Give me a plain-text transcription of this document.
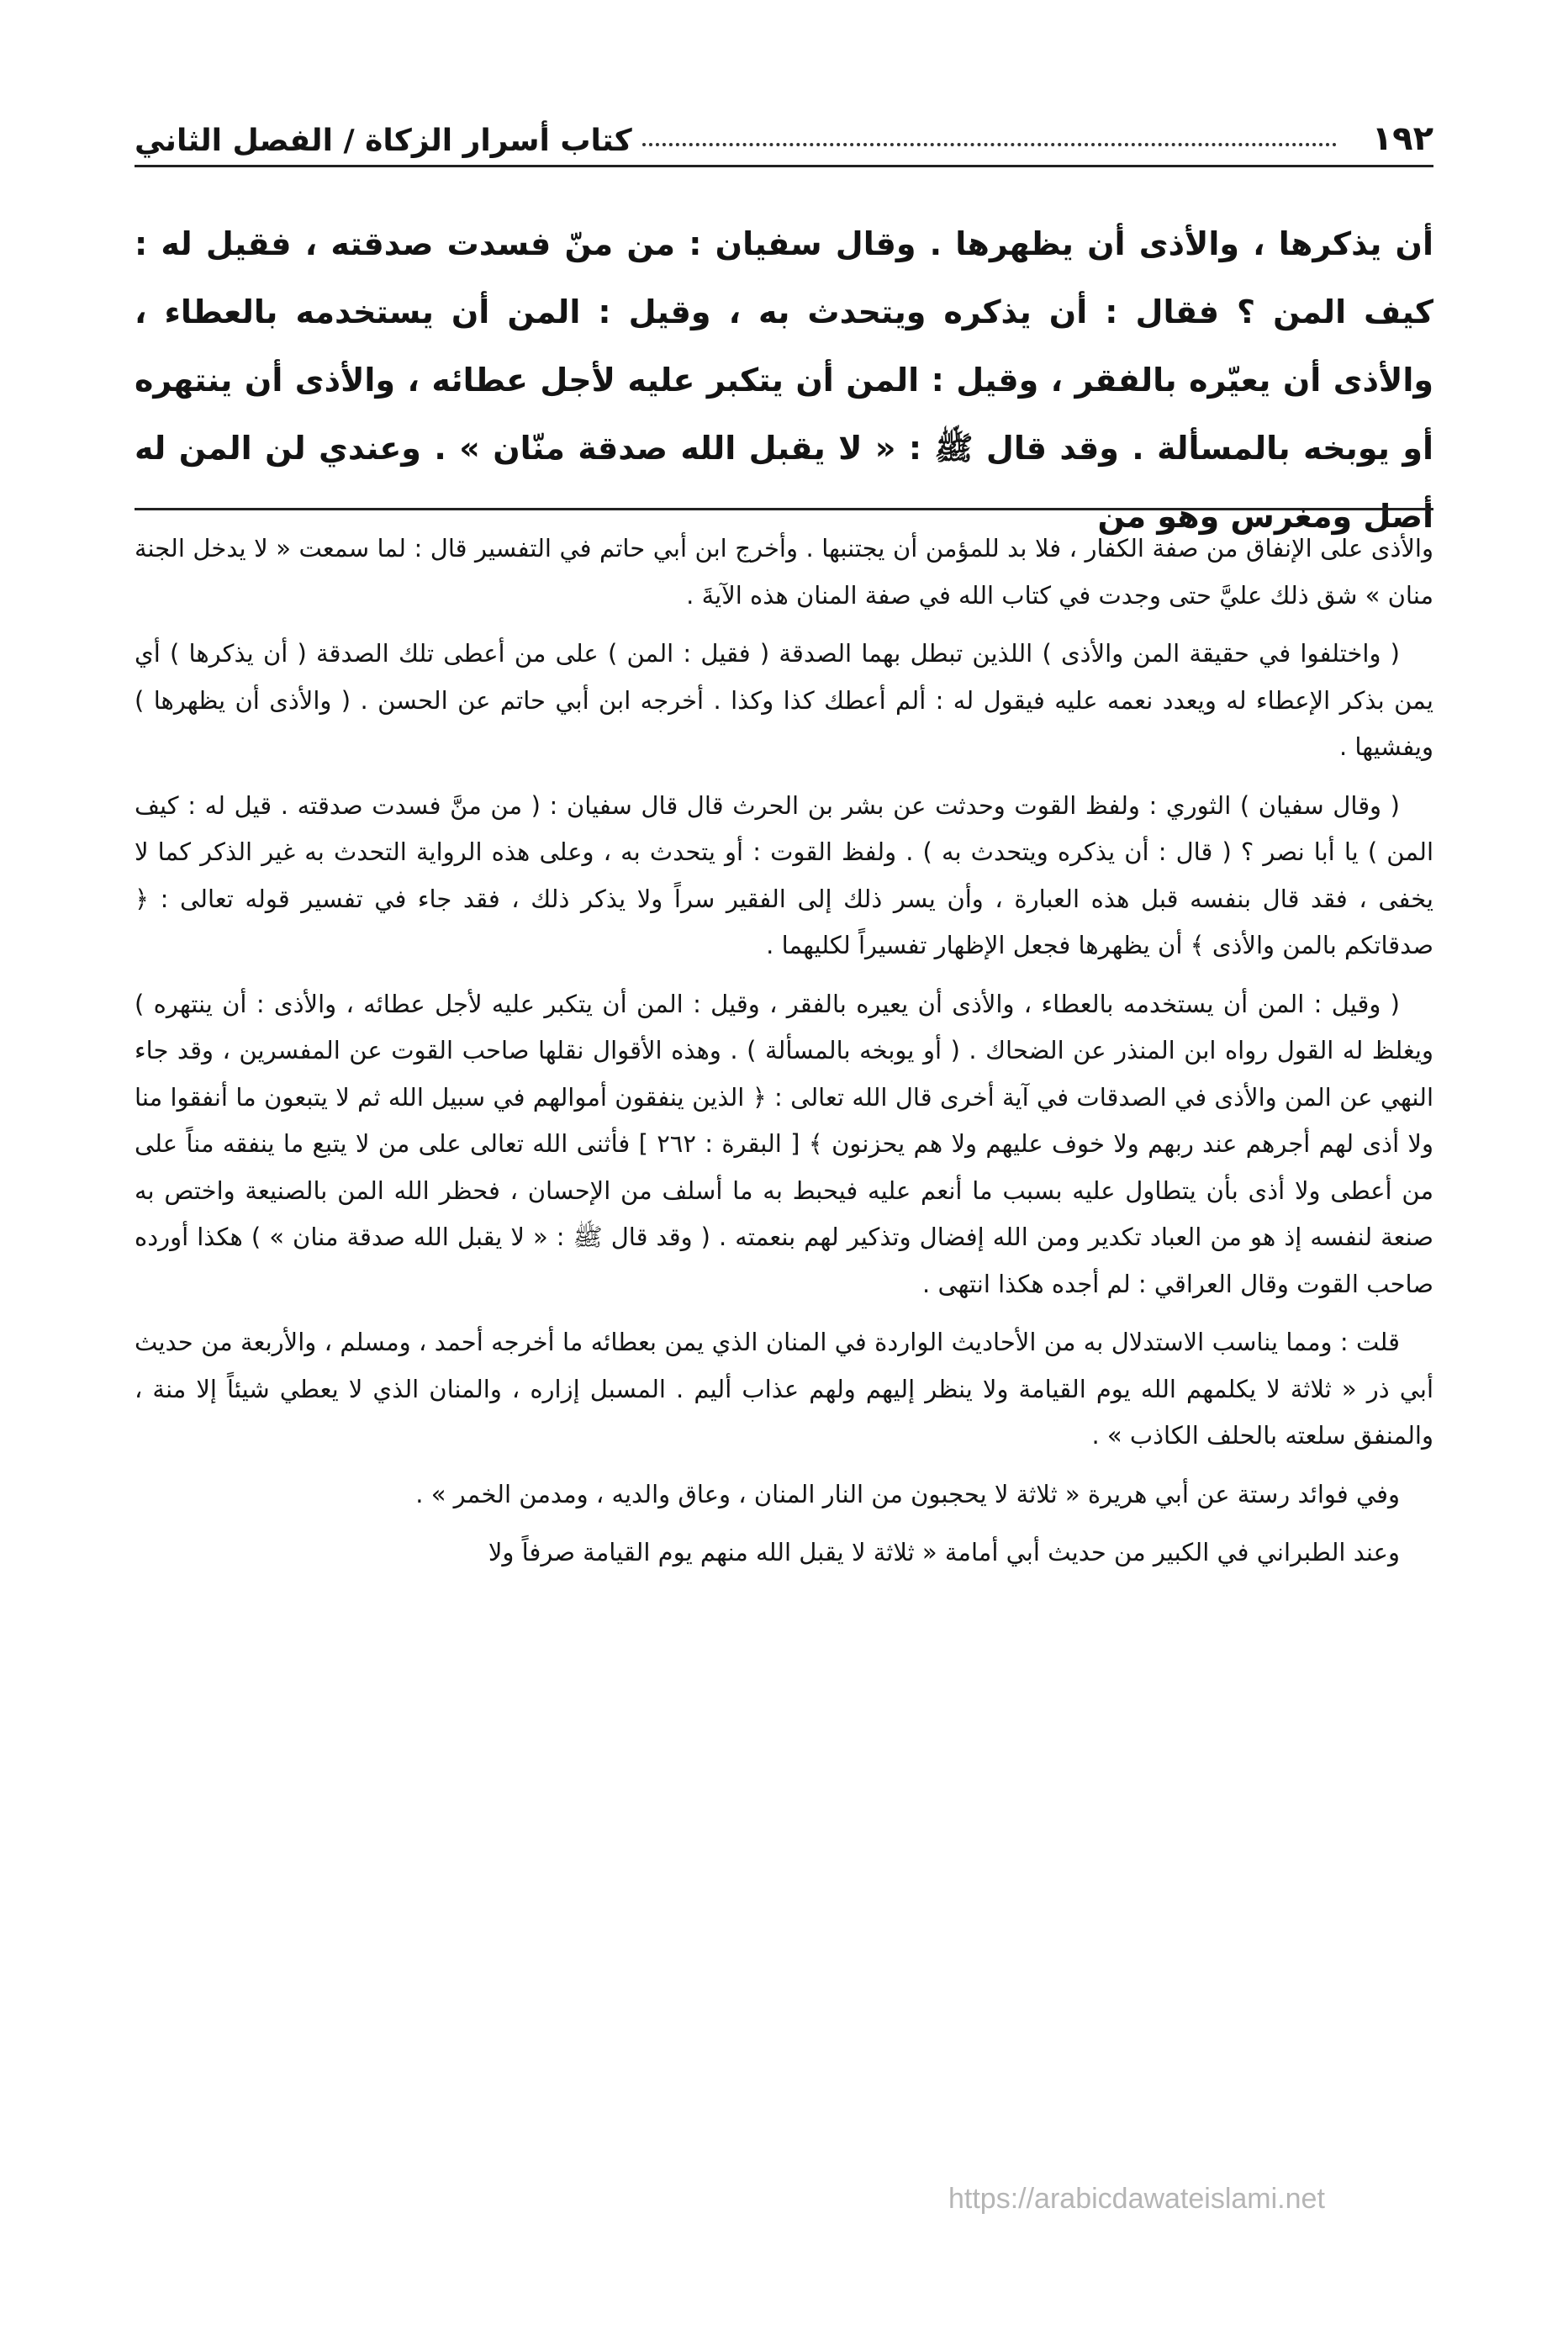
١٩٢
كتاب أسرار الزكاة / الفصل الثاني
أن يذكرها ، والأذى أن يظهرها . وقال سفيان : من منّ فسدت صدقته ، فقيل له : كيف المن ؟ فقال : أن يذكره ويتحدث به ، وقيل : المن أن يستخدمه بالعطاء ، والأذى أن يعيّره بالفقر ، وقيل : المن أن يتكبر عليه لأجل عطائه ، والأذى أن ينتهره أو يوبخه بالمسألة . وقد قال ﷺ : « لا يقبل الله صدقة منّان » . وعندي لن المن له أصل ومغرس وهو من

والأذى على الإنفاق من صفة الكفار ، فلا بد للمؤمن أن يجتنبها . وأخرج ابن أبي حاتم في التفسير قال : لما سمعت « لا يدخل الجنة منان » شق ذلك عليَّ حتى وجدت في كتاب الله في صفة المنان هذه الآيةَ .

( واختلفوا في حقيقة المن والأذى ) اللذين تبطل بهما الصدقة ( فقيل : المن ) على من أعطى تلك الصدقة ( أن يذكرها ) أي يمن بذكر الإعطاء له ويعدد نعمه عليه فيقول له : ألم أعطك كذا وكذا . أخرجه ابن أبي حاتم عن الحسن . ( والأذى أن يظهرها ) ويفشيها .

( وقال سفيان ) الثوري : ولفظ القوت وحدثت عن بشر بن الحرث قال قال سفيان : ( من منَّ فسدت صدقته . قيل له : كيف المن ) يا أبا نصر ؟ ( قال : أن يذكره ويتحدث به ) . ولفظ القوت : أو يتحدث به ، وعلى هذه الرواية التحدث به غير الذكر كما لا يخفى ، فقد قال بنفسه قبل هذه العبارة ، وأن يسر ذلك إلى الفقير سراً ولا يذكر ذلك ، فقد جاء في تفسير قوله تعالى : ﴿ صدقاتكم بالمن والأذى ﴾ أن يظهرها فجعل الإظهار تفسيراً لكليهما .

( وقيل : المن أن يستخدمه بالعطاء ، والأذى أن يعيره بالفقر ، وقيل : المن أن يتكبر عليه لأجل عطائه ، والأذى : أن ينتهره ) ويغلظ له القول رواه ابن المنذر عن الضحاك . ( أو يوبخه بالمسألة ) . وهذه الأقوال نقلها صاحب القوت عن المفسرين ، وقد جاء النهي عن المن والأذى في الصدقات في آية أخرى قال الله تعالى : ﴿ الذين ينفقون أموالهم في سبيل الله ثم لا يتبعون ما أنفقوا منا ولا أذى لهم أجرهم عند ربهم ولا خوف عليهم ولا هم يحزنون ﴾ [ البقرة : ٢٦٢ ] فأثنى الله تعالى على من لا يتبع ما ينفقه مناً على من أعطى ولا أذى بأن يتطاول عليه بسبب ما أنعم عليه فيحبط به ما أسلف من الإحسان ، فحظر الله المن بالصنيعة واختص به صنعة لنفسه إذ هو من العباد تكدير ومن الله إفضال وتذكير لهم بنعمته . ( وقد قال ﷺ : « لا يقبل الله صدقة منان » ) هكذا أورده صاحب القوت وقال العراقي : لم أجده هكذا انتهى .

قلت : ومما يناسب الاستدلال به من الأحاديث الواردة في المنان الذي يمن بعطائه ما أخرجه أحمد ، ومسلم ، والأربعة من حديث أبي ذر « ثلاثة لا يكلمهم الله يوم القيامة ولا ينظر إليهم ولهم عذاب أليم . المسبل إزاره ، والمنان الذي لا يعطي شيئاً إلا منة ، والمنفق سلعته بالحلف الكاذب » .

وفي فوائد رستة عن أبي هريرة « ثلاثة لا يحجبون من النار المنان ، وعاق والديه ، ومدمن الخمر » .

وعند الطبراني في الكبير من حديث أبي أمامة « ثلاثة لا يقبل الله منهم يوم القيامة صرفاً ولا

https://arabicdawateislami.net
